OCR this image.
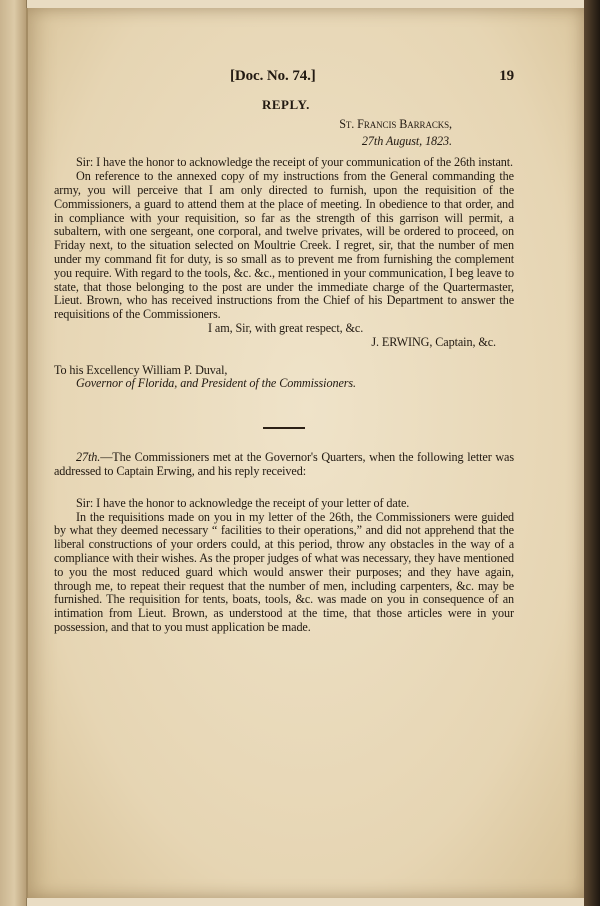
[Doc. No. 74.]	19
REPLY.
St. Francis Barracks,
27th August, 1823.

Sir: I have the honor to acknowledge the receipt of your communication of the 26th instant.

On reference to the annexed copy of my instructions from the General commanding the army, you will perceive that I am only directed to furnish, upon the requisition of the Commissioners, a guard to attend them at the place of meeting. In obedience to that order, and in compliance with your requisition, so far as the strength of this garrison will permit, a subaltern, with one sergeant, one corporal, and twelve privates, will be ordered to proceed, on Friday next, to the situation selected on Moultrie Creek. I regret, sir, that the number of men under my command fit for duty, is so small as to prevent me from furnishing the complement you require. With regard to the tools, &c. &c., mentioned in your communication, I beg leave to state, that those belonging to the post are under the immediate charge of the Quartermaster, Lieut. Brown, who has received instructions from the Chief of his Department to answer the requisitions of the Commissioners.

I am, Sir, with great respect, &c.
J. ERWING, Captain, &c.

To his Excellency William P. Duval,

Governor of Florida, and President of the Commissioners.

27th.—The Commissioners met at the Governor's Quarters, when the following letter was addressed to Captain Erwing, and his reply received:

Sir: I have the honor to acknowledge the receipt of your letter of date.

In the requisitions made on you in my letter of the 26th, the Commissioners were guided by what they deemed necessary “ facilities to their operations,” and did not apprehend that the liberal constructions of your orders could, at this period, throw any obstacles in the way of a compliance with their wishes. As the proper judges of what was necessary, they have mentioned to you the most reduced guard which would answer their purposes; and they have again, through me, to repeat their request that the number of men, including carpenters, &c. may be furnished. The requisition for tents, boats, tools, &c. was made on you in consequence of an intimation from Lieut. Brown, as understood at the time, that those articles were in your possession, and that to you must application be made.
